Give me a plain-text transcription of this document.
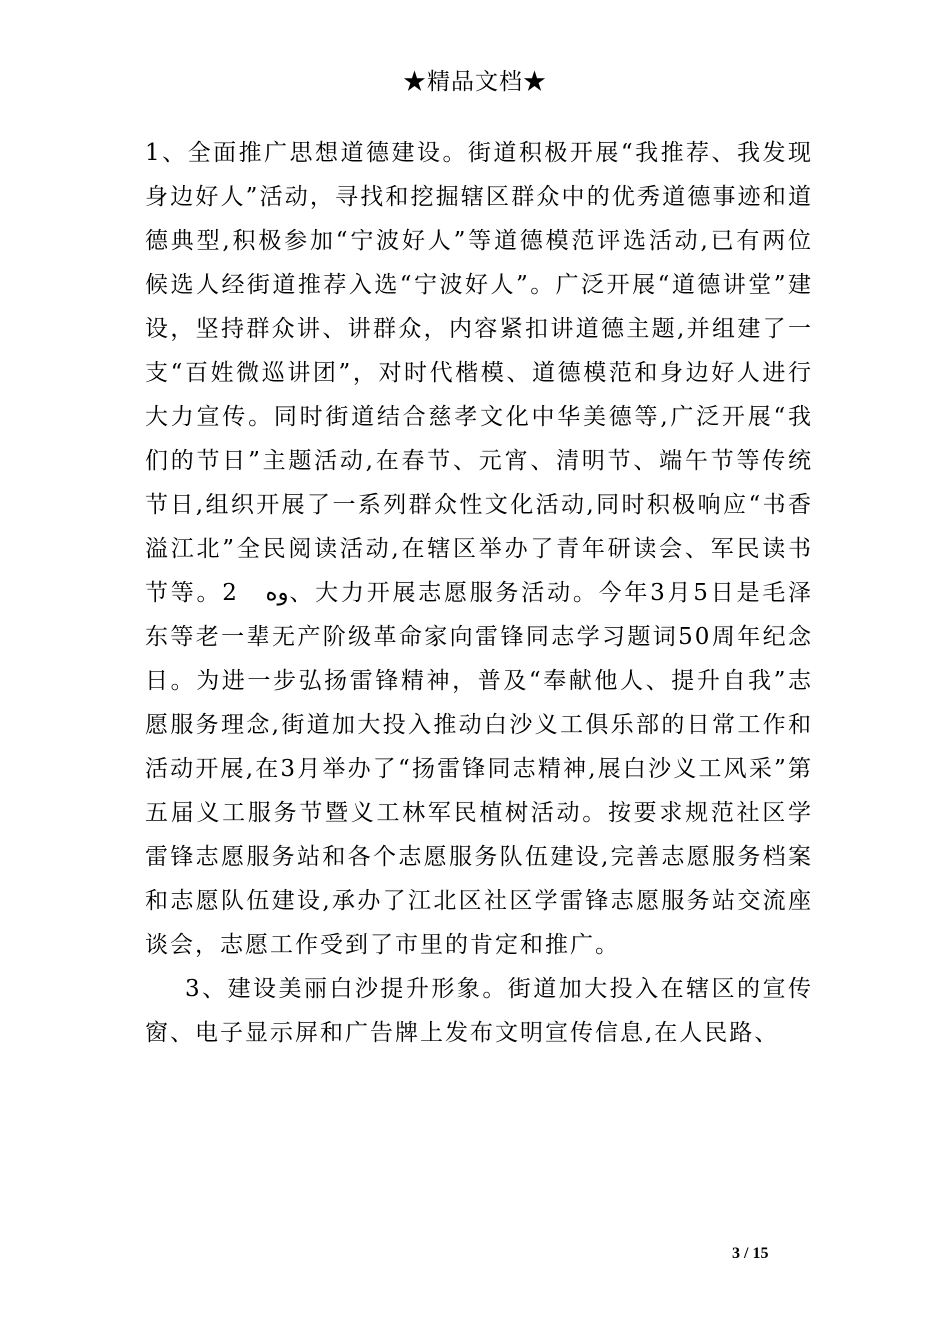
★精品文档★

1、全面推广思想道德建设。街道积极开展“我推荐、我发现身边好人”活动，寻找和挖掘辖区群众中的优秀道德事迹和道德典型,积极参加“宁波好人”等道德模范评选活动,已有两位候选人经街道推荐入选“宁波好人”。广泛开展“道德讲堂”建设，坚持群众讲、讲群众，内容紧扣讲道德主题,并组建了一支“百姓微巡讲团”，对时代楷模、道德模范和身边好人进行大力宣传。同时街道结合慈孝文化中华美德等,广泛开展“我们的节日”主题活动,在春节、元宵、清明节、端午节等传统节日,组织开展了一系列群众性文化活动,同时积极响应“书香溢江北”全民阅读活动,在辖区举办了青年研读会、军民读书节等。2　وه、大力开展志愿服务活动。今年3月5日是毛泽东等老一辈无产阶级革命家向雷锋同志学习题词50周年纪念日。为进一步弘扬雷锋精神，普及“奉献他人、提升自我”志愿服务理念,街道加大投入推动白沙义工俱乐部的日常工作和活动开展,在3月举办了“扬雷锋同志精神,展白沙义工风采”第五届义工服务节暨义工林军民植树活动。按要求规范社区学雷锋志愿服务站和各个志愿服务队伍建设,完善志愿服务档案和志愿队伍建设,承办了江北区社区学雷锋志愿服务站交流座谈会，志愿工作受到了市里的肯定和推广。

3、建设美丽白沙提升形象。街道加大投入在辖区的宣传窗、电子显示屏和广告牌上发布文明宣传信息,在人民路、

3 / 15
